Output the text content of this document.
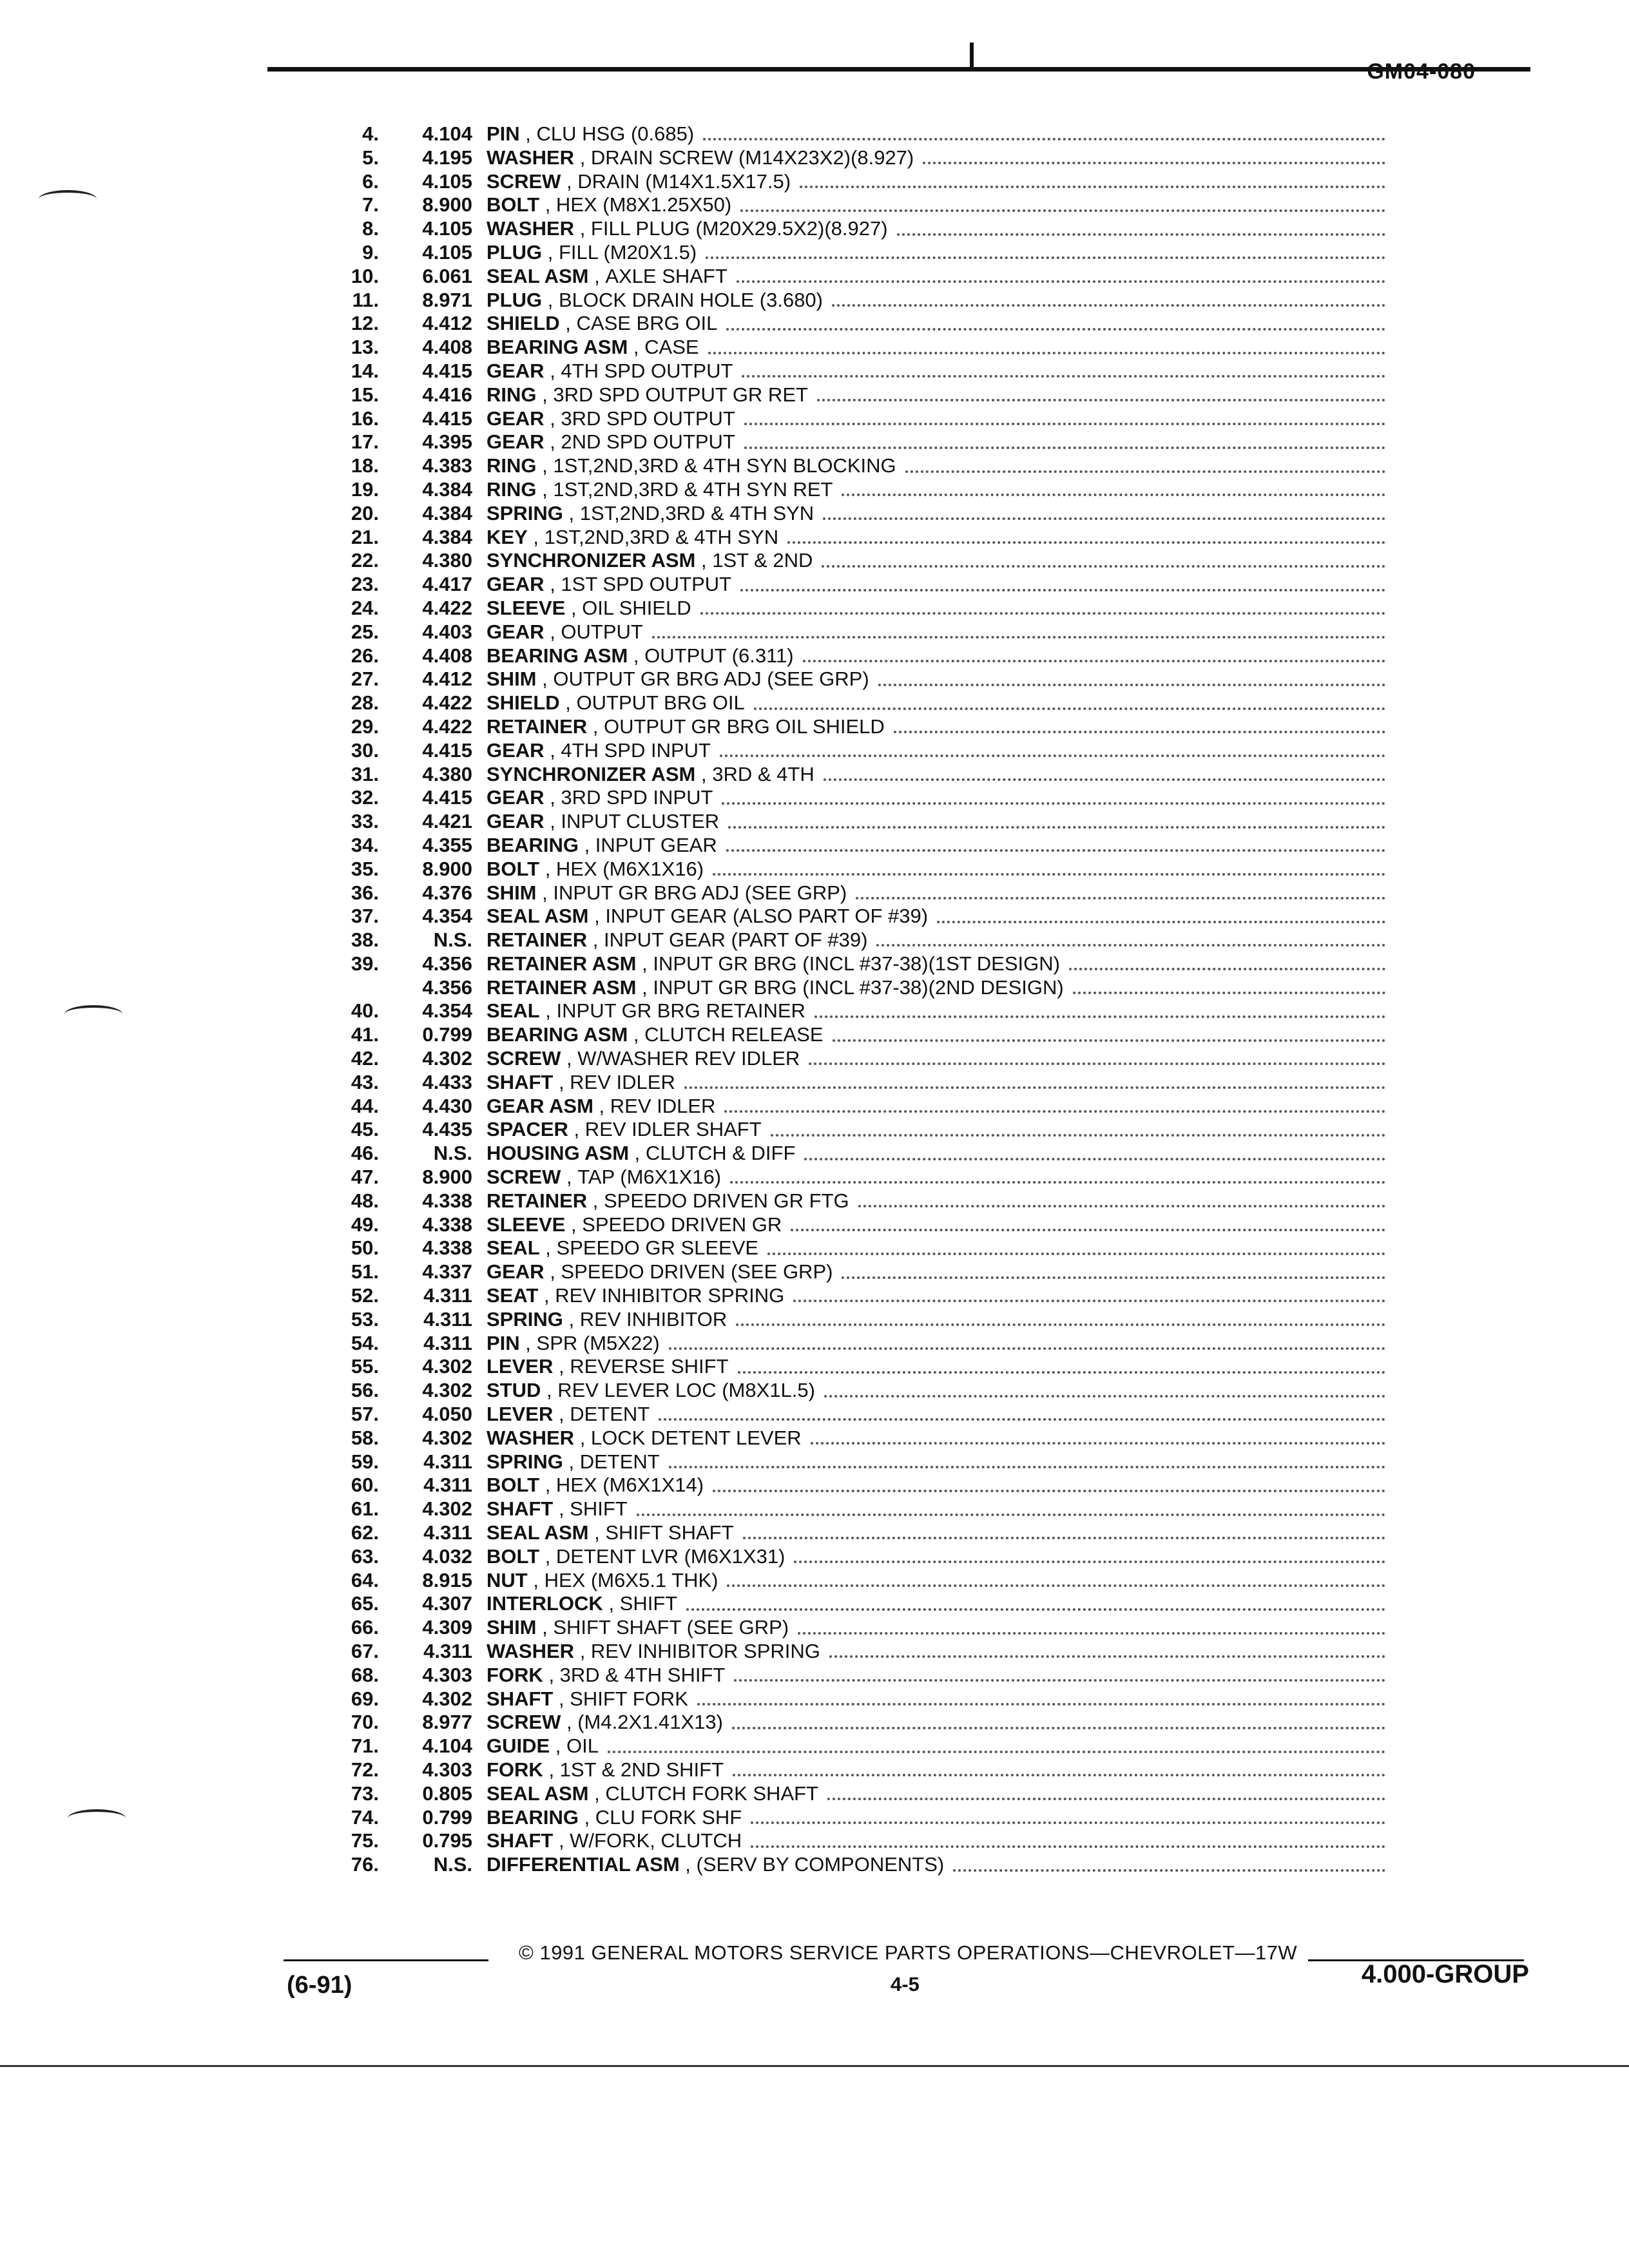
GM04-080
4.	4.104 PIN , CLU HSG (0.685)
5.	4.195 WASHER , DRAIN SCREW (M14X23X2)(8.927)
6.	4.105 SCREW , DRAIN (M14X1.5X17.5)
7.	8.900 BOLT , HEX (M8X1.25X50)
8.	4.105 WASHER , FILL PLUG (M20X29.5X2)(8.927)
9.	4.105 PLUG , FILL (M20X1.5)
10.	6.061 SEAL ASM , AXLE SHAFT
11.	8.971 PLUG , BLOCK DRAIN HOLE (3.680)
12.	4.412 SHIELD , CASE BRG OIL
13.	4.408 BEARING ASM , CASE
14.	4.415 GEAR , 4TH SPD OUTPUT
15.	4.416 RING , 3RD SPD OUTPUT GR RET
16.	4.415 GEAR , 3RD SPD OUTPUT
17.	4.395 GEAR , 2ND SPD OUTPUT
18.	4.383 RING , 1ST,2ND,3RD & 4TH SYN BLOCKING
19.	4.384 RING , 1ST,2ND,3RD & 4TH SYN RET
20.	4.384 SPRING , 1ST,2ND,3RD & 4TH SYN
21.	4.384 KEY , 1ST,2ND,3RD & 4TH SYN
22.	4.380 SYNCHRONIZER ASM , 1ST & 2ND
23.	4.417 GEAR , 1ST SPD OUTPUT
24.	4.422 SLEEVE , OIL SHIELD
25.	4.403 GEAR , OUTPUT
26.	4.408 BEARING ASM , OUTPUT (6.311)
27.	4.412 SHIM , OUTPUT GR BRG ADJ (SEE GRP)
28.	4.422 SHIELD , OUTPUT BRG OIL
29.	4.422 RETAINER , OUTPUT GR BRG OIL SHIELD
30.	4.415 GEAR , 4TH SPD INPUT
31.	4.380 SYNCHRONIZER ASM , 3RD & 4TH
32.	4.415 GEAR , 3RD SPD INPUT
33.	4.421 GEAR , INPUT CLUSTER
34.	4.355 BEARING , INPUT GEAR
35.	8.900 BOLT , HEX (M6X1X16)
36.	4.376 SHIM , INPUT GR BRG ADJ (SEE GRP)
37.	4.354 SEAL ASM , INPUT GEAR (ALSO PART OF #39)
38.	N.S. RETAINER , INPUT GEAR (PART OF #39)
39.	4.356 RETAINER ASM , INPUT GR BRG (INCL #37-38)(1ST DESIGN)
4.356 RETAINER ASM , INPUT GR BRG (INCL #37-38)(2ND DESIGN)
40.	4.354 SEAL , INPUT GR BRG RETAINER
41.	0.799 BEARING ASM , CLUTCH RELEASE
42.	4.302 SCREW , W/WASHER REV IDLER
43.	4.433 SHAFT , REV IDLER
44.	4.430 GEAR ASM , REV IDLER
45.	4.435 SPACER , REV IDLER SHAFT
46.	N.S. HOUSING ASM , CLUTCH & DIFF
47.	8.900 SCREW , TAP (M6X1X16)
48.	4.338 RETAINER , SPEEDO DRIVEN GR FTG
49.	4.338 SLEEVE , SPEEDO DRIVEN GR
50.	4.338 SEAL , SPEEDO GR SLEEVE
51.	4.337 GEAR , SPEEDO DRIVEN (SEE GRP)
52.	4.311 SEAT , REV INHIBITOR SPRING
53.	4.311 SPRING , REV INHIBITOR
54.	4.311 PIN , SPR (M5X22)
55.	4.302 LEVER , REVERSE SHIFT
56.	4.302 STUD , REV LEVER LOC (M8X1L.5)
57.	4.050 LEVER , DETENT
58.	4.302 WASHER , LOCK DETENT LEVER
59.	4.311 SPRING , DETENT
60.	4.311 BOLT , HEX (M6X1X14)
61.	4.302 SHAFT , SHIFT
62.	4.311 SEAL ASM , SHIFT SHAFT
63.	4.032 BOLT , DETENT LVR (M6X1X31)
64.	8.915 NUT , HEX (M6X5.1 THK)
65.	4.307 INTERLOCK , SHIFT
66.	4.309 SHIM , SHIFT SHAFT (SEE GRP)
67.	4.311 WASHER , REV INHIBITOR SPRING
68.	4.303 FORK , 3RD & 4TH SHIFT
69.	4.302 SHAFT , SHIFT FORK
70.	8.977 SCREW , (M4.2X1.41X13)
71.	4.104 GUIDE , OIL
72.	4.303 FORK , 1ST & 2ND SHIFT
73.	0.805 SEAL ASM , CLUTCH FORK SHAFT
74.	0.799 BEARING , CLU FORK SHF
75.	0.795 SHAFT , W/FORK, CLUTCH
76.	N.S. DIFFERENTIAL ASM , (SERV BY COMPONENTS)
© 1991 GENERAL MOTORS SERVICE PARTS OPERATIONS—CHEVROLET—17W
(6-91)	4-5	4.000-GROUP
